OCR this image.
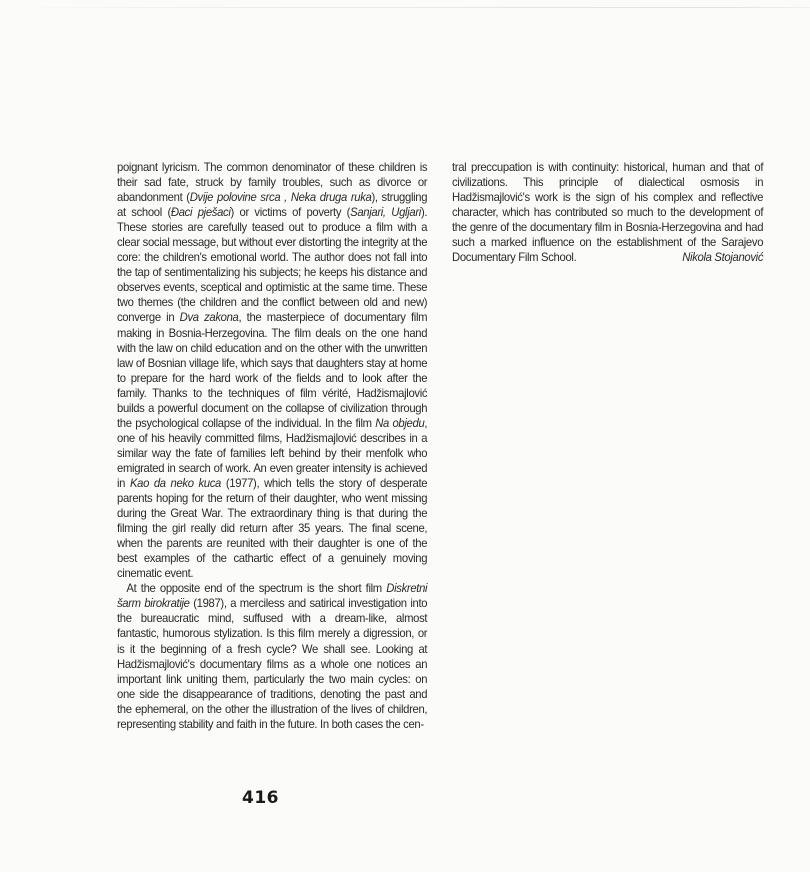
poignant lyricism. The common denominator of these children is their sad fate, struck by family troubles, such as divorce or abandonment (Dvije polovine srca , Neka druga ruka), struggling at school (Đaci pješaci) or victims of poverty (Sanjari, Ugljari). These stories are carefully teased out to produce a film with a clear social message, but without ever distorting the integrity at the core: the children's emotional world. The author does not fall into the tap of sentimentalizing his subjects; he keeps his distance and observes events, sceptical and optimistic at the same time. These two themes (the children and the conflict between old and new) converge in Dva zakona, the masterpiece of documentary film making in Bosnia-Herzegovina. The film deals on the one hand with the law on child education and on the other with the unwritten law of Bosnian village life, which says that daughters stay at home to prepare for the hard work of the fields and to look after the family. Thanks to the techniques of film vérité, Hadžismajlović builds a powerful document on the collapse of civilization through the psychological collapse of the individual. In the film Na objedu, one of his heavily committed films, Hadžismajlović describes in a similar way the fate of families left behind by their menfolk who emigrated in search of work. An even greater intensity is achieved in Kao da neko kuca (1977), which tells the story of desperate parents hoping for the return of their daughter, who went missing during the Great War. The extraordinary thing is that during the filming the girl really did return after 35 years. The final scene, when the parents are reunited with their daughter is one of the best examples of the cathartic effect of a genuinely moving cinematic event.

At the opposite end of the spectrum is the short film Diskretni šarm birokratije (1987), a merciless and satirical investigation into the bureaucratic mind, suffused with a dream-like, almost fantastic, humorous stylization. Is this film merely a digression, or is it the beginning of a fresh cycle? We shall see. Looking at Hadžismajlović's documentary films as a whole one notices an important link uniting them, particularly the two main cycles: on one side the disappearance of traditions, denoting the past and the ephemeral, on the other the illustration of the lives of children, representing stability and faith in the future. In both cases the cen-

tral preccupation is with continuity: historical, human and that of civilizations. This principle of dialectical osmosis in Hadžismajlović's work is the sign of his complex and reflective character, which has contributed so much to the development of the genre of the documentary film in Bosnia-Herzegovina and had such a marked influence on the establishment of the Sarajevo Documentary Film School.	Nikola Stojanović

416
